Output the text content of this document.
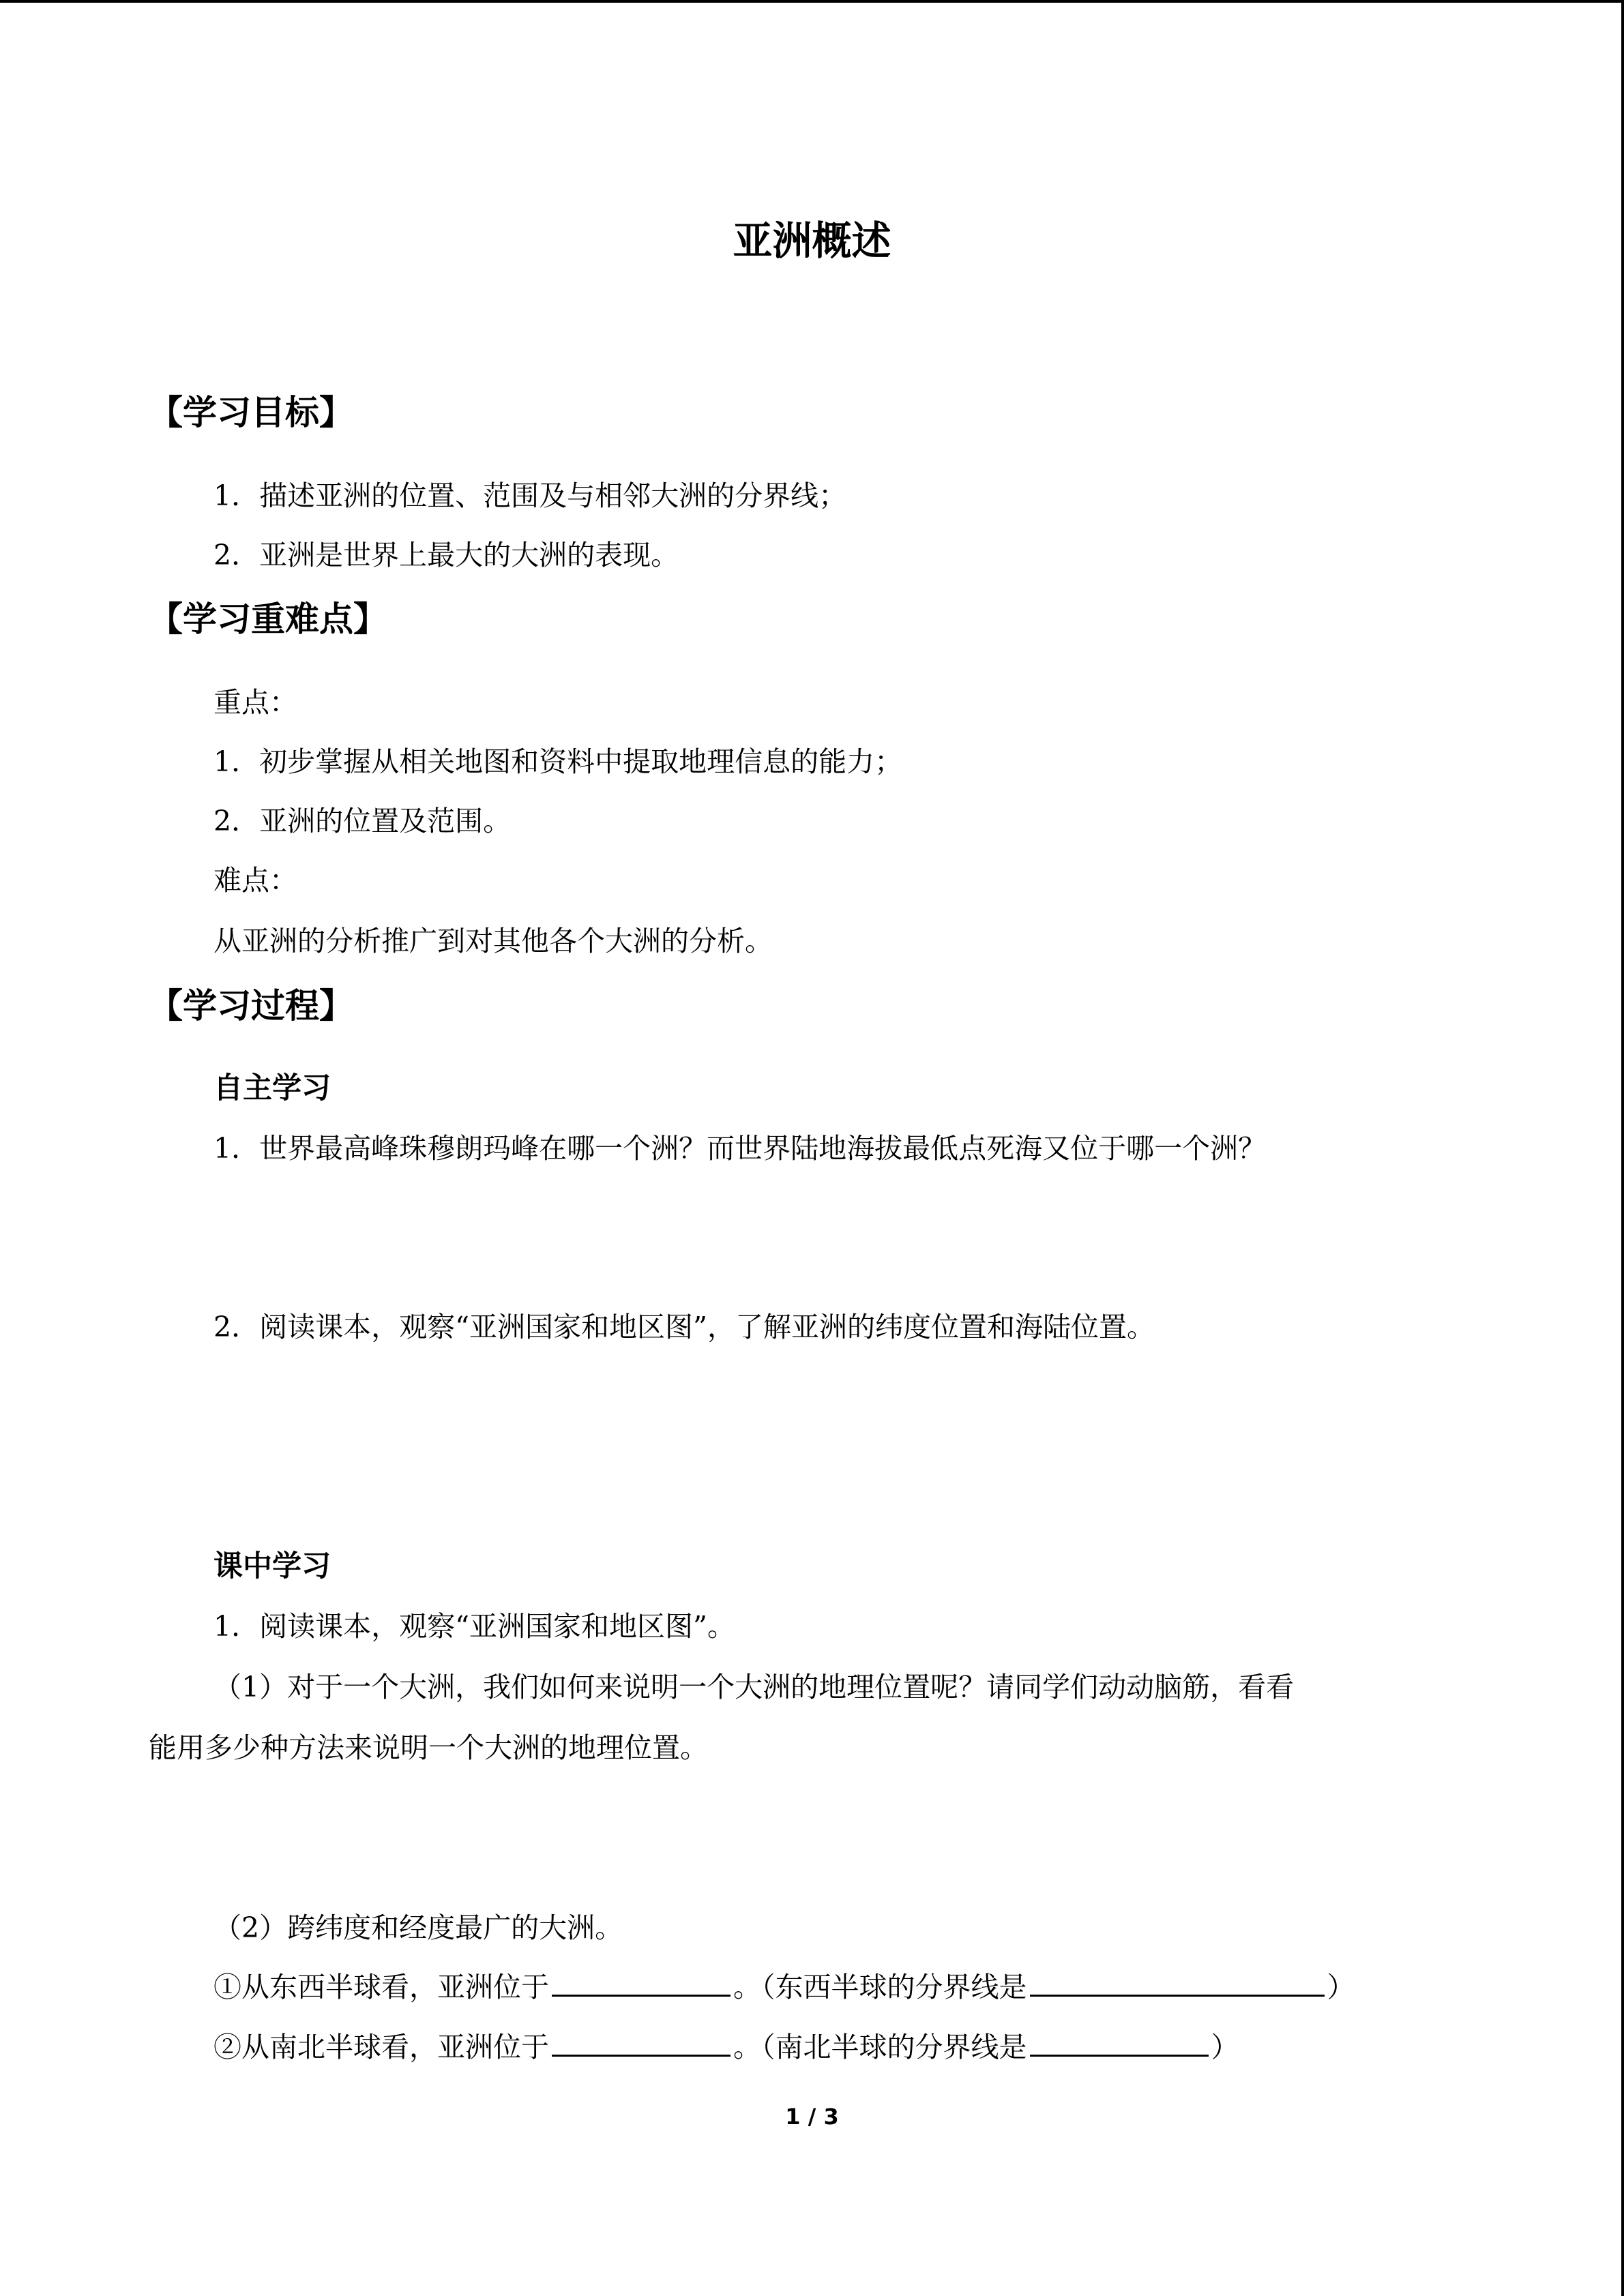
亚洲概述
【学习目标】
1．描述亚洲的位置、范围及与相邻大洲的分界线；
2．亚洲是世界上最大的大洲的表现。
【学习重难点】
重点：
1．初步掌握从相关地图和资料中提取地理信息的能力；
2．亚洲的位置及范围。
难点：
从亚洲的分析推广到对其他各个大洲的分析。
【学习过程】
自主学习
1．世界最高峰珠穆朗玛峰在哪一个洲？而世界陆地海拔最低点死海又位于哪一个洲？
2．阅读课本，观察“亚洲国家和地区图”，了解亚洲的纬度位置和海陆位置。
课中学习
1．阅读课本，观察“亚洲国家和地区图”。
（1）对于一个大洲，我们如何来说明一个大洲的地理位置呢？请同学们动动脑筋，看看
能用多少种方法来说明一个大洲的地理位置。
（2）跨纬度和经度最广的大洲。
①从东西半球看，亚洲位于	。（东西半球的分界线是	）
②从南北半球看，亚洲位于	。（南北半球的分界线是	）
1 / 3
